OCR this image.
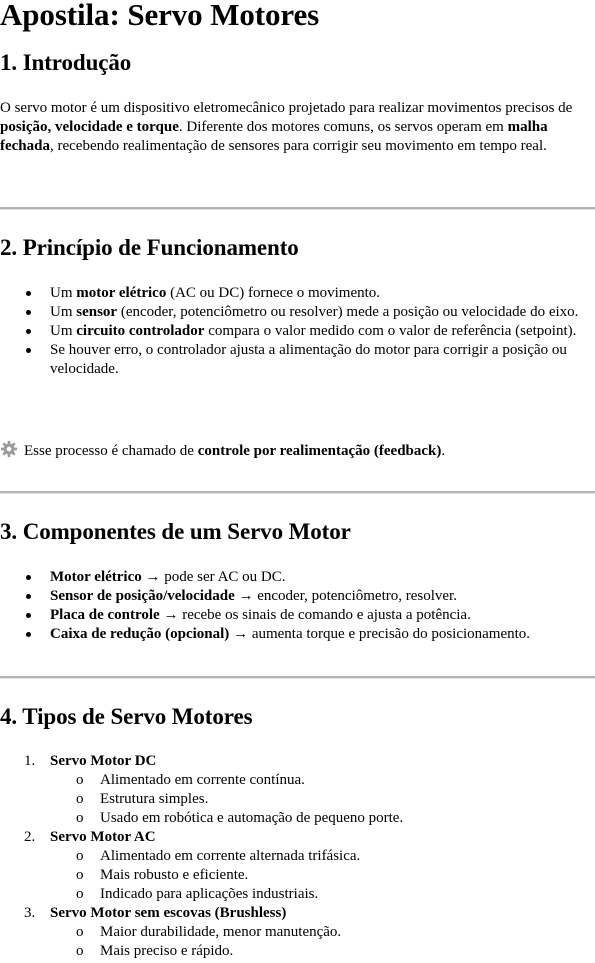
Apostila: Servo Motores
1. Introdução

O servo motor é um dispositivo eletromecânico projetado para realizar movimentos precisos de posição, velocidade e torque. Diferente dos motores comuns, os servos operam em malha fechada, recebendo realimentação de sensores para corrigir seu movimento em tempo real.

2. Princípio de Funcionamento
Um motor elétrico (AC ou DC) fornece o movimento.
Um sensor (encoder, potenciômetro ou resolver) mede a posição ou velocidade do eixo.
Um circuito controlador compara o valor medido com o valor de referência (setpoint).
Se houver erro, o controlador ajusta a alimentação do motor para corrigir a posição ou velocidade.

Esse processo é chamado de controle por realimentação (feedback).

3. Componentes de um Servo Motor
Motor elétrico → pode ser AC ou DC.
Sensor de posição/velocidade → encoder, potenciômetro, resolver.
Placa de controle → recebe os sinais de comando e ajusta a potência.
Caixa de redução (opcional) → aumenta torque e precisão do posicionamento.
4. Tipos de Servo Motores
1. Servo Motor DC
o Alimentado em corrente contínua.
o Estrutura simples.
o Usado em robótica e automação de pequeno porte.
2. Servo Motor AC
o Alimentado em corrente alternada trifásica.
o Mais robusto e eficiente.
o Indicado para aplicações industriais.
3. Servo Motor sem escovas (Brushless)
o Maior durabilidade, menor manutenção.
o Mais preciso e rápido.
